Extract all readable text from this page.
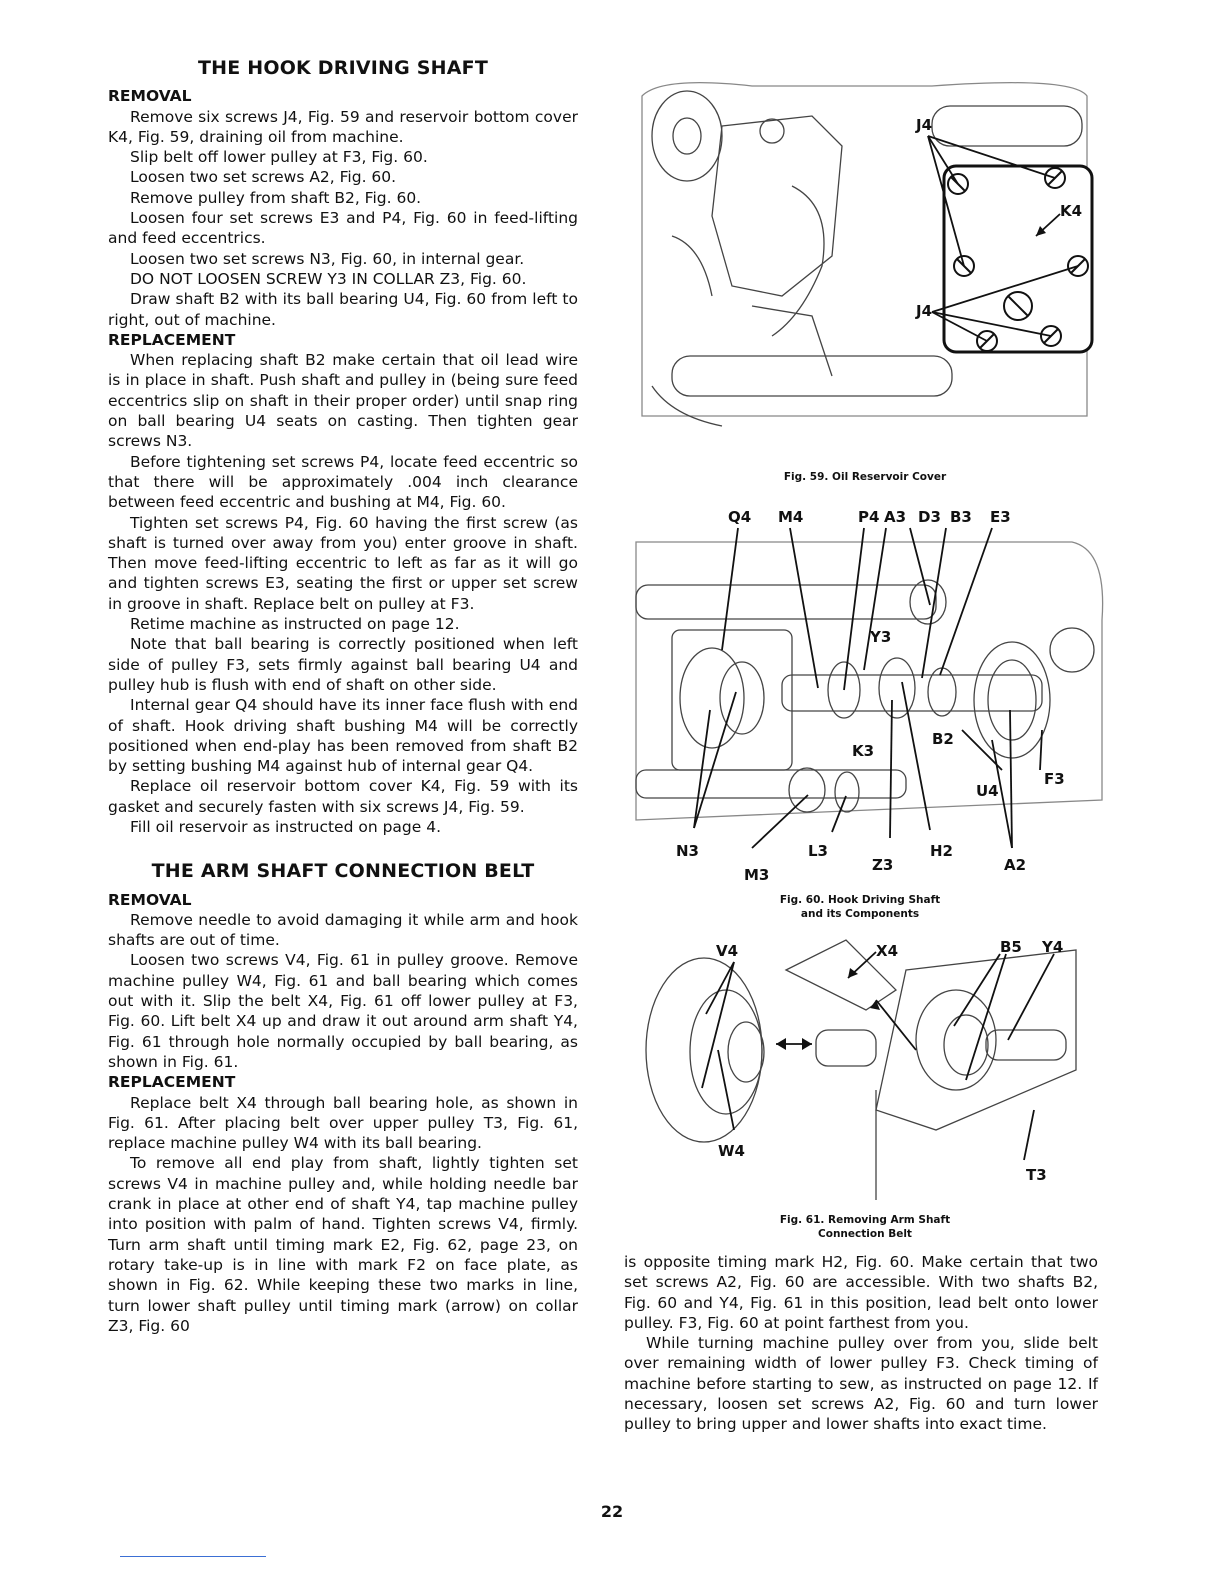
THE HOOK DRIVING SHAFT
REMOVAL
Remove six screws J4, Fig. 59 and reservoir bottom cover K4, Fig. 59, draining oil from machine.
Slip belt off lower pulley at F3, Fig. 60.
Loosen two set screws A2, Fig. 60.
Remove pulley from shaft B2, Fig. 60.
Loosen four set screws E3 and P4, Fig. 60 in feed-lifting and feed eccentrics.
Loosen two set screws N3, Fig. 60, in internal gear.
DO NOT LOOSEN SCREW Y3 IN COLLAR Z3, Fig. 60.
Draw shaft B2 with its ball bearing U4, Fig. 60 from left to right, out of machine.
REPLACEMENT
When replacing shaft B2 make certain that oil lead wire is in place in shaft. Push shaft and pulley in (being sure feed eccentrics slip on shaft in their proper order) until snap ring on ball bearing U4 seats on casting. Then tighten gear screws N3.
Before tightening set screws P4, locate feed eccentric so that there will be approximately .004 inch clearance between feed eccentric and bushing at M4, Fig. 60.
Tighten set screws P4, Fig. 60 having the first screw (as shaft is turned over away from you) enter groove in shaft. Then move feed-lifting eccentric to left as far as it will go and tighten screws E3, seating the first or upper set screw in groove in shaft. Replace belt on pulley at F3.
Retime machine as instructed on page 12.
Note that ball bearing is correctly positioned when left side of pulley F3, sets firmly against ball bearing U4 and pulley hub is flush with end of shaft on other side.
Internal gear Q4 should have its inner face flush with end of shaft. Hook driving shaft bushing M4 will be correctly positioned when end-play has been removed from shaft B2 by setting bushing M4 against hub of internal gear Q4.
Replace oil reservoir bottom cover K4, Fig. 59 with its gasket and securely fasten with six screws J4, Fig. 59.
Fill oil reservoir as instructed on page 4.
THE ARM SHAFT CONNECTION BELT
REMOVAL
Remove needle to avoid damaging it while arm and hook shafts are out of time.
Loosen two screws V4, Fig. 61 in pulley groove. Remove machine pulley W4, Fig. 61 and ball bearing which comes out with it. Slip the belt X4, Fig. 61 off lower pulley at F3, Fig. 60. Lift belt X4 up and draw it out around arm shaft Y4, Fig. 61 through hole normally occupied by ball bearing, as shown in Fig. 61.
REPLACEMENT
Replace belt X4 through ball bearing hole, as shown in Fig. 61. After placing belt over upper pulley T3, Fig. 61, replace machine pulley W4 with its ball bearing.
To remove all end play from shaft, lightly tighten set screws V4 in machine pulley and, while holding needle bar crank in place at other end of shaft Y4, tap machine pulley into position with palm of hand. Tighten screws V4, firmly. Turn arm shaft until timing mark E2, Fig. 62, page 23, on rotary take-up is in line with mark F2 on face plate, as shown in Fig. 62. While keeping these two marks in line, turn lower shaft pulley until timing mark (arrow) on collar Z3, Fig. 60
J4
K4
J4
Fig. 59. Oil Reservoir Cover
Q4 M4	P4 A3 D3 B3 E3
Y3
B2
K3
U4
F3
N3
M3
L3
Z3
H2
A2
Fig. 60. Hook Driving Shaft
and its Components
V4	X4	B5 Y4
W4
T3
Fig. 61. Removing Arm Shaft
Connection Belt
is opposite timing mark H2, Fig. 60. Make certain that two set screws A2, Fig. 60 are accessible. With two shafts B2, Fig. 60 and Y4, Fig. 61 in this position, lead belt onto lower pulley. F3, Fig. 60 at point farthest from you.
While turning machine pulley over from you, slide belt over remaining width of lower pulley F3. Check timing of machine before starting to sew, as instructed on page 12. If necessary, loosen set screws A2, Fig. 60 and turn lower pulley to bring upper and lower shafts into exact time.
22
